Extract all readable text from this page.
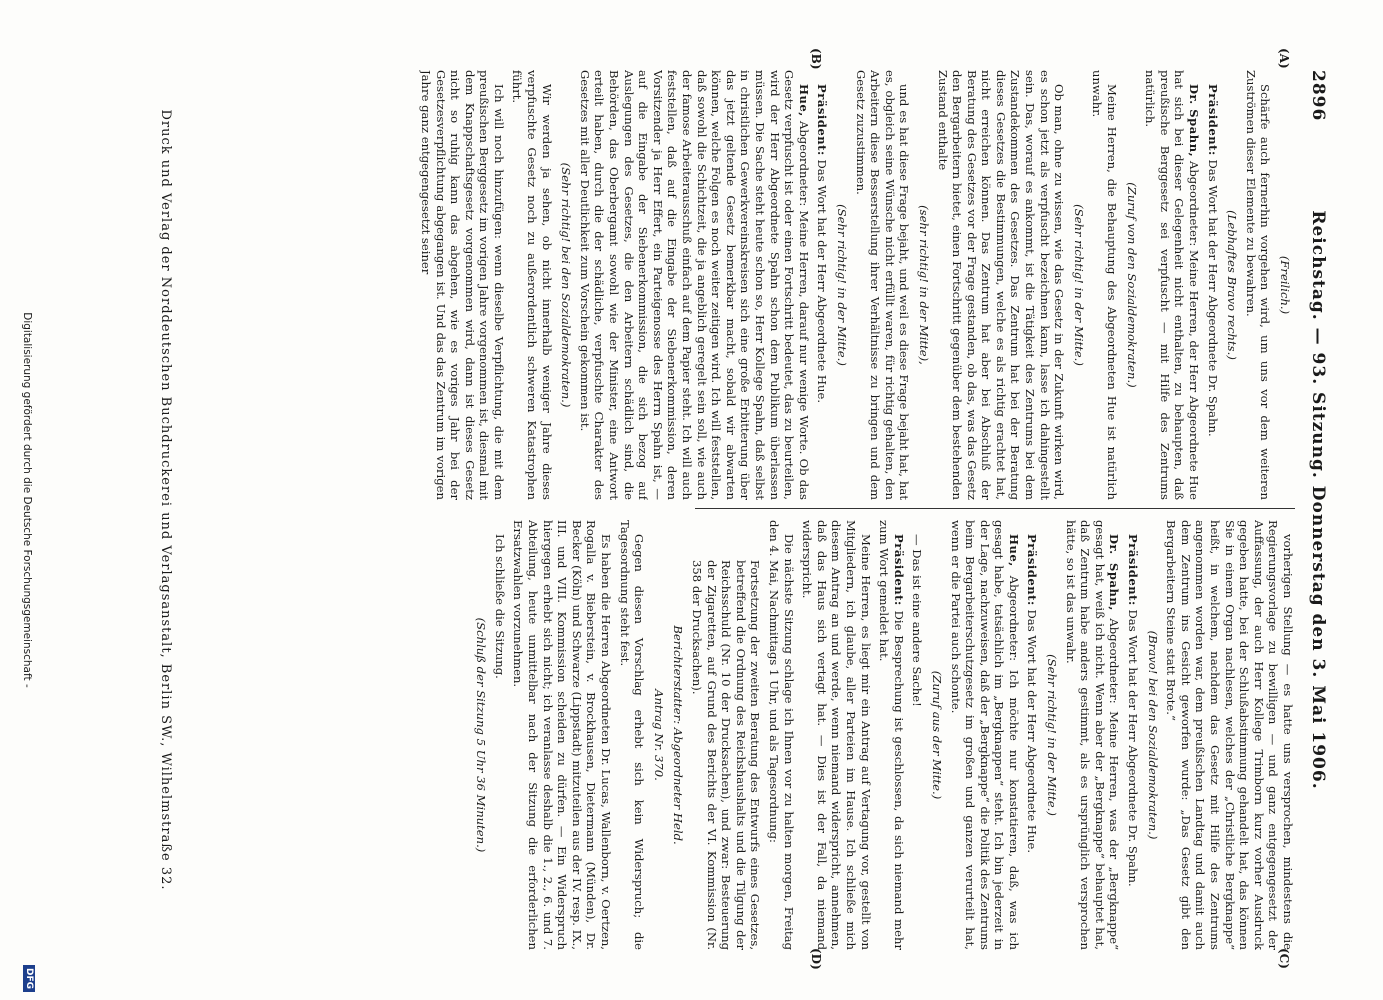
2896
Reichstag. — 93. Sitzung. Donnerstag den 3. Mai 1906.
(A)
(B)
(C)
(D)

(Freilich.)

Schärfe auch fernerhin vorgehen wird, um uns vor dem weiteren Zuströmen dieser Elemente zu bewahren.

(Lebhaftes Bravo rechts.)

Präsident: Das Wort hat der Herr Abgeordnete Dr. Spahn.

Dr. Spahn, Abgeordneter: Meine Herren, der Herr Abgeordnete Hue hat sich bei dieser Gelegenheit nicht enthalten, zu behaupten, daß preußische Berggesetz sei verpfuscht — mit Hilfe des Zentrums natürlich.

(Zuruf von den Sozialdemokraten.)

Meine Herren, die Behauptung des Abgeordneten Hue ist natürlich unwahr.

(Sehr richtig! in der Mitte.)

Ob man, ohne zu wissen, wie das Gesetz in der Zukunft wirken wird, es schon jetzt als verpfuscht bezeichnen kann, lasse ich dahingestellt sein. Das, worauf es ankommt, ist die Tätigkeit des Zentrums bei dem Zustandekommen des Gesetzes. Das Zentrum hat bei der Beratung dieses Gesetzes die Bestimmungen, welche es als richtig erachtet hat, nicht erreichen können. Das Zentrum hat aber bei Abschluß der Beratung des Gesetzes vor der Frage gestanden, ob das, was das Gesetz den Bergarbeitern bietet, einen Fortschritt gegenüber dem bestehenden Zustand enthalte

(sehr richtig! in der Mitte),

und es hat diese Frage bejaht, und weil es diese Frage bejaht hat, hat es, obgleich seine Wünsche nicht erfüllt waren, für richtig gehalten, den Arbeitern diese Besserstellung ihrer Verhältnisse zu bringen und dem Gesetz zuzustimmen.

(Sehr richtig! in der Mitte.)

Präsident: Das Wort hat der Herr Abgeordnete Hue.

Hue, Abgeordneter: Meine Herren, darauf nur wenige Worte. Ob das Gesetz verpfuscht ist oder einen Fortschritt bedeutet, das zu beurteilen, wird der Herr Abgeordnete Spahn schon dem Publikum überlassen müssen. Die Sache steht heute schon so, Herr Kollege Spahn, daß selbst in christlichen Gewerkvereinskreisen sich eine große Erbitterung über das jetzt geltende Gesetz bemerkbar macht, sobald wir abwarten können, welche Folgen es noch weiter zeitigen wird. Ich will feststellen, daß sowohl die Schichtzeit, die ja angeblich geregelt sein soll, wie auch der famose Arbeiterausschuß einfach auf dem Papier steht. Ich will auch feststellen, daß auf die Eingabe der Siebenerkommission, deren Vorsitzender ja Herr Effert, ein Parteigenosse des Herrn Spahn ist, — auf die Eingabe der Siebenerkommission, die sich bezog auf Auslegungen des Gesetzes, die den Arbeitern schädlich sind, die Behörden, das Oberbergamt sowohl wie der Minister, eine Antwort erteilt haben, durch die der schädliche, verpfuschte Charakter des Gesetzes mit aller Deutlichkeit zum Vorschein gekommen ist.

(Sehr richtig! bei den Sozialdemokraten.)

Wir werden ja sehen, ob nicht innerhalb weniger Jahre dieses verpfuschte Gesetz noch zu außerordentlich schweren Katastrophen führt.

Ich will noch hinzufügen: wenn dieselbe Verpflichtung, die mit dem preußischen Berggesetz im vorigen Jahre vorgenommen ist, diesmal mit dem Knappschaftsgesetz vorgenommen wird, dann ist dieses Gesetz nicht so ruhig kann das abgehen, wie es voriges Jahr bei der Gesetzesverpflichtung abgegangen ist. Und das das Zentrum im vorigen Jahre ganz entgegengesetzt seiner

vorherigen Stellung — es hatte uns versprochen, mindestens die Regierungsvorlage zu bewilligen — und ganz entgegengesetzt der Auffassung, der auch Herr Kollege Trimborn kurz vorher Ausdruck gegeben hatte, bei der Schlußabstimmung gehandelt hat, das können Sie in einem Organ nachlesen, welches der „Christliche Bergknappe“ heißt, in welchem, nachdem das Gesetz mit Hilfe des Zentrums angenommen worden war, dem preußischen Landtag und damit auch dem Zentrum ins Gesicht geworfen wurde: „Das Gesetz gibt den Bergarbeitern Steine statt Brote.“

(Bravo! bei den Sozialdemokraten.)

Präsident: Das Wort hat der Herr Abgeordnete Dr. Spahn.

Dr. Spahn, Abgeordneter: Meine Herren, was der „Bergknappe“ gesagt hat, weiß ich nicht. Wenn aber der „Bergknappe“ behauptet hat, daß Zentrum habe anders gestimmt, als es ursprünglich versprochen hätte, so ist das unwahr.

(Sehr richtig! in der Mitte.)

Präsident: Das Wort hat der Herr Abgeordnete Hue.

Hue, Abgeordneter: Ich möchte nur konstatieren, daß, was ich gesagt habe, tatsächlich im „Bergknappen“ steht. Ich bin jederzeit in der Lage, nachzuweisen, daß der „Bergknappe“ die Politik des Zentrums beim Bergarbeiterschutzgesetz im großen und ganzen verurteilt hat, wenn er die Partei auch schonte.

(Zuruf aus der Mitte.)

— Das ist eine andere Sache!

Präsident: Die Besprechung ist geschlossen, da sich niemand mehr zum Wort gemeldet hat.

Meine Herren, es liegt mir ein Antrag auf Vertagung vor, gestellt von Mitgliedern, ich glaube, aller Parteien im Hause. Ich schließe mich diesem Antrag an und werde, wenn niemand widerspricht, annehmen, daß das Haus sich vertagt hat. — Dies ist der Fall, da niemand widerspricht.

Die nächste Sitzung schlage ich Ihnen vor zu halten morgen, Freitag den 4. Mai, Nachmittags 1 Uhr, und als Tagesordnung:

Fortsetzung der zweiten Beratung des Entwurfs eines Gesetzes, betreffend die Ordnung des Reichshaushalts und die Tilgung der Reichsschuld (Nr. 10 der Drucksachen), und zwar: Besteuerung der Zigaretten, auf Grund des Berichts der VI. Kommission (Nr. 358 der Drucksachen).

Berichterstatter: Abgeordneter Held.

Antrag Nr. 370.

Gegen diesen Vorschlag erhebt sich kein Widerspruch; die Tagesordnung steht fest.

Es haben die Herren Abgeordneten Dr. Lucas, Wallenborn, v. Oertzen, Rogalla v. Bieberstein, v. Brockhausen, Dietermann (Münden), Dr. Becker (Köln) und Schwarze (Lippstadt) mitzuteilen aus der IV. resp. IX., III. und VIII. Kommission scheiden zu dürfen. — Ein Widerspruch hiergegen erhebt sich nicht; ich veranlasse deshalb die 1., 2., 6. und 7. Abteilung, heute unmittelbar nach der Sitzung die erforderlichen Ersatzwahlen vorzunehmen.

Ich schließe die Sitzung.

(Schluß der Sitzung 5 Uhr 36 Minuten.)

Druck und Verlag der Norddeutschen Buchdruckerei und Verlagsanstalt, Berlin SW., Wilhelmstraße 32.
Digitalisierung gefördert durch die Deutsche Forschungsgemeinschaft -
DFG
